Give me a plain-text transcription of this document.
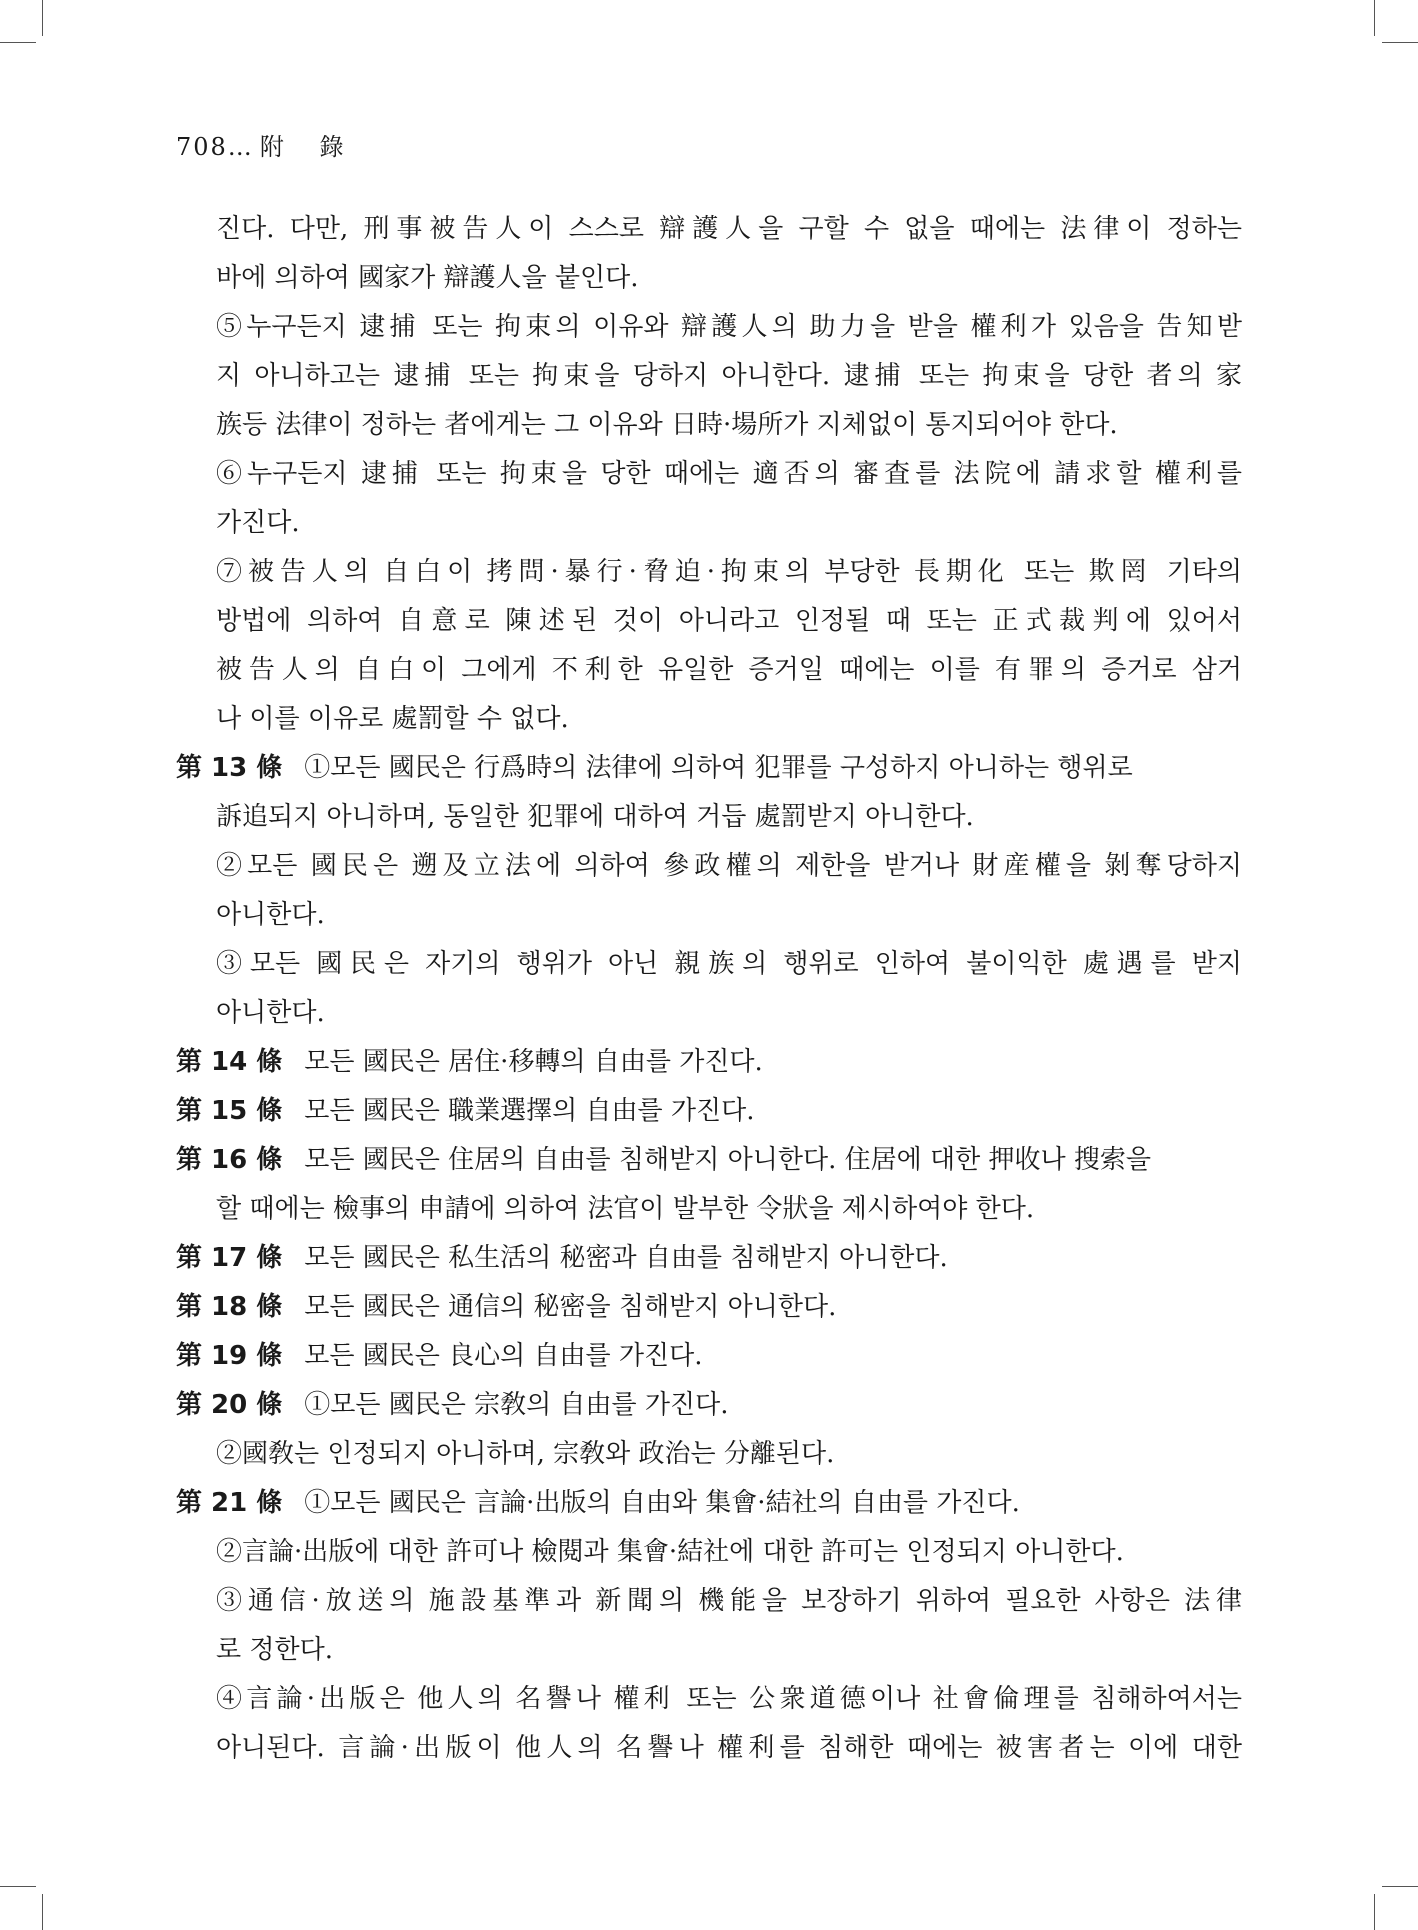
708… 附 錄
진다. 다만, 刑事被告人이 스스로 辯護人을 구할 수 없을 때에는 法律이 정하는
바에 의하여 國家가 辯護人을 붙인다.
⑤누구든지 逮捕 또는 拘束의 이유와 辯護人의 助力을 받을 權利가 있음을 告知받
지 아니하고는 逮捕 또는 拘束을 당하지 아니한다. 逮捕 또는 拘束을 당한 者의 家
族등 法律이 정하는 者에게는 그 이유와 日時·場所가 지체없이 통지되어야 한다.
⑥누구든지 逮捕 또는 拘束을 당한 때에는 適否의 審査를 法院에 請求할 權利를
가진다.
⑦被告人의 自白이 拷問·暴行·脅迫·拘束의 부당한 長期化 또는 欺罔 기타의
방법에 의하여 自意로 陳述된 것이 아니라고 인정될 때 또는 正式裁判에 있어서
被告人의 自白이 그에게 不利한 유일한 증거일 때에는 이를 有罪의 증거로 삼거
나 이를 이유로 處罰할 수 없다.
第 13 條 ①모든 國民은 行爲時의 法律에 의하여 犯罪를 구성하지 아니하는 행위로
訴追되지 아니하며, 동일한 犯罪에 대하여 거듭 處罰받지 아니한다.
②모든 國民은 遡及立法에 의하여 參政權의 제한을 받거나 財産權을 剝奪당하지
아니한다.
③모든 國民은 자기의 행위가 아닌 親族의 행위로 인하여 불이익한 處遇를 받지
아니한다.
第 14 條 모든 國民은 居住·移轉의 自由를 가진다.
第 15 條 모든 國民은 職業選擇의 自由를 가진다.
第 16 條 모든 國民은 住居의 自由를 침해받지 아니한다. 住居에 대한 押收나 搜索을
할 때에는 檢事의 申請에 의하여 法官이 발부한 令狀을 제시하여야 한다.
第 17 條 모든 國民은 私生活의 秘密과 自由를 침해받지 아니한다.
第 18 條 모든 國民은 通信의 秘密을 침해받지 아니한다.
第 19 條 모든 國民은 良心의 自由를 가진다.
第 20 條 ①모든 國民은 宗敎의 自由를 가진다.
②國敎는 인정되지 아니하며, 宗敎와 政治는 分離된다.
第 21 條 ①모든 國民은 言論·出版의 自由와 集會·結社의 自由를 가진다.
②言論·出版에 대한 許可나 檢閱과 集會·結社에 대한 許可는 인정되지 아니한다.
③通信·放送의 施設基準과 新聞의 機能을 보장하기 위하여 필요한 사항은 法律
로 정한다.
④言論·出版은 他人의 名譽나 權利 또는 公衆道德이나 社會倫理를 침해하여서는
아니된다. 言論·出版이 他人의 名譽나 權利를 침해한 때에는 被害者는 이에 대한
